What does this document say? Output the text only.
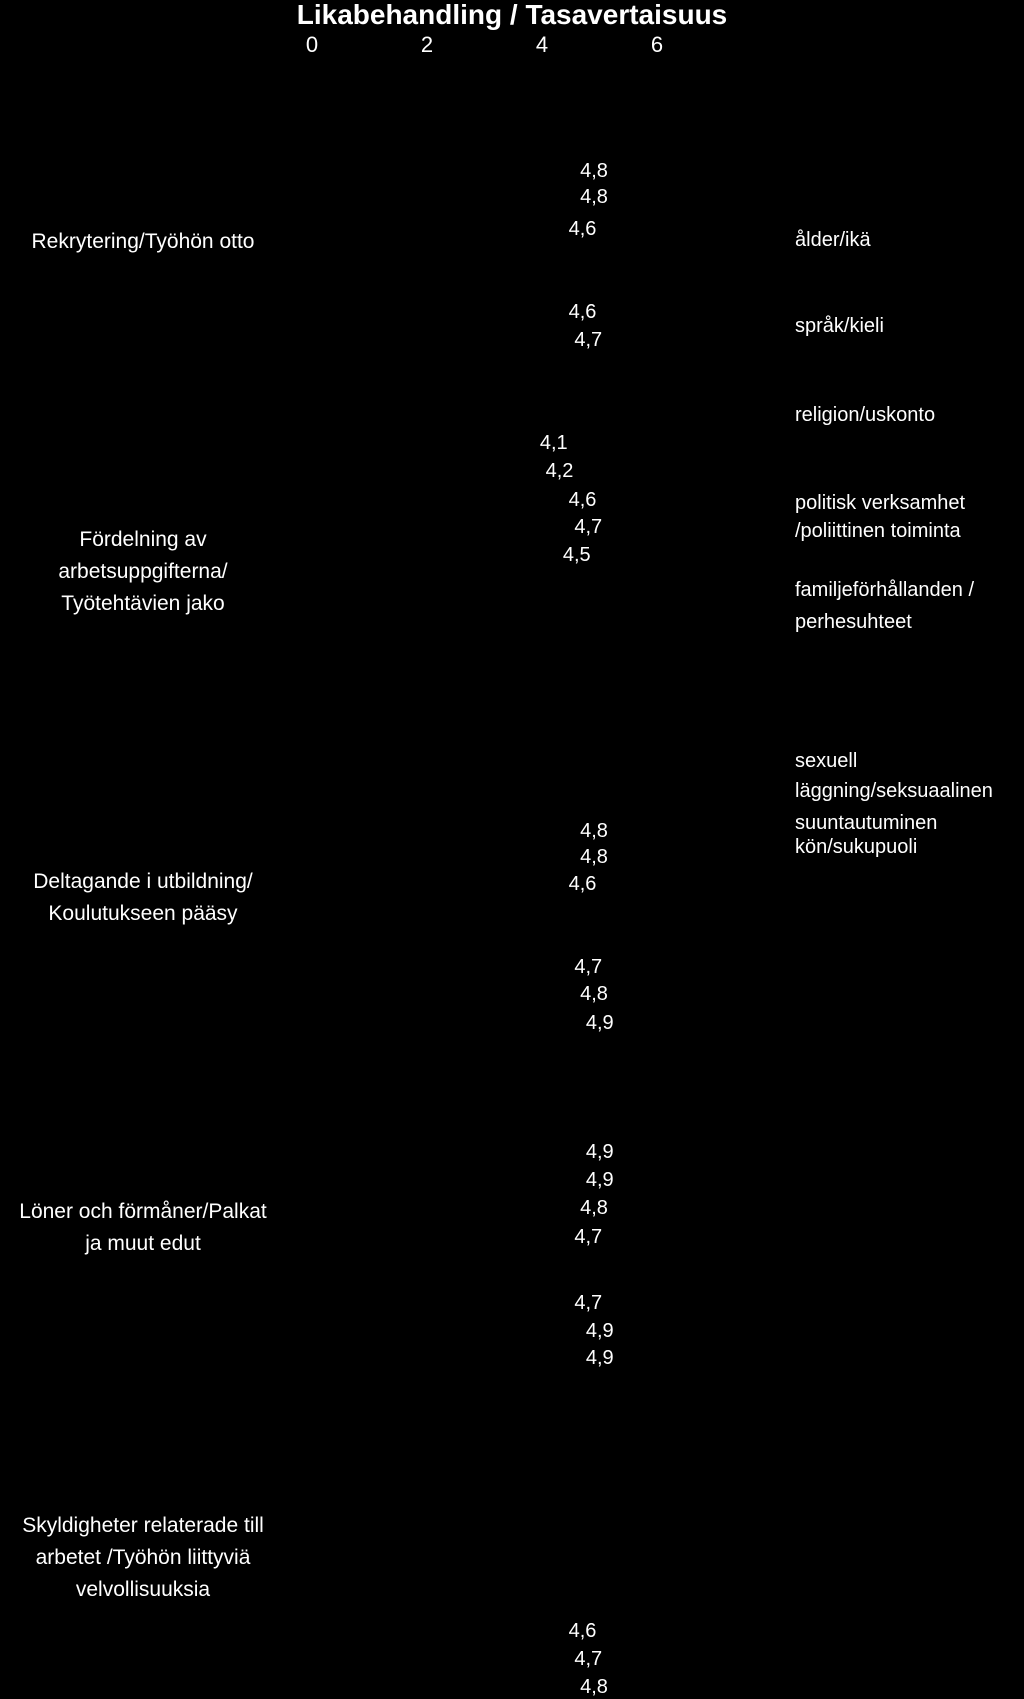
Likabehandling / Tasavertaisuus
0	2	4	6
Rekrytering/Työhön otto
Fördelning av
arbetsuppgifterna/
Työtehtävien jako
Deltagande i utbildning/
Koulutukseen pääsy
Löner och förmåner/Palkat
ja muut edut
Skyldigheter relaterade till
arbetet /Työhön liittyviä
velvollisuuksia
4,8
4,8
4,6
4,6
4,7
4,1
4,2
4,6
4,7
4,5
4,8
4,8
4,6
4,7
4,8
4,9
4,9
4,9
4,8
4,7
4,7
4,9
4,9
4,6
4,7
4,8
ålder/ikä
språk/kieli
religion/uskonto
politisk verksamhet
/poliittinen toiminta
familjeförhållanden /
perhesuhteet
sexuell
läggning/seksuaalinen
suuntautuminen
kön/sukupuoli
